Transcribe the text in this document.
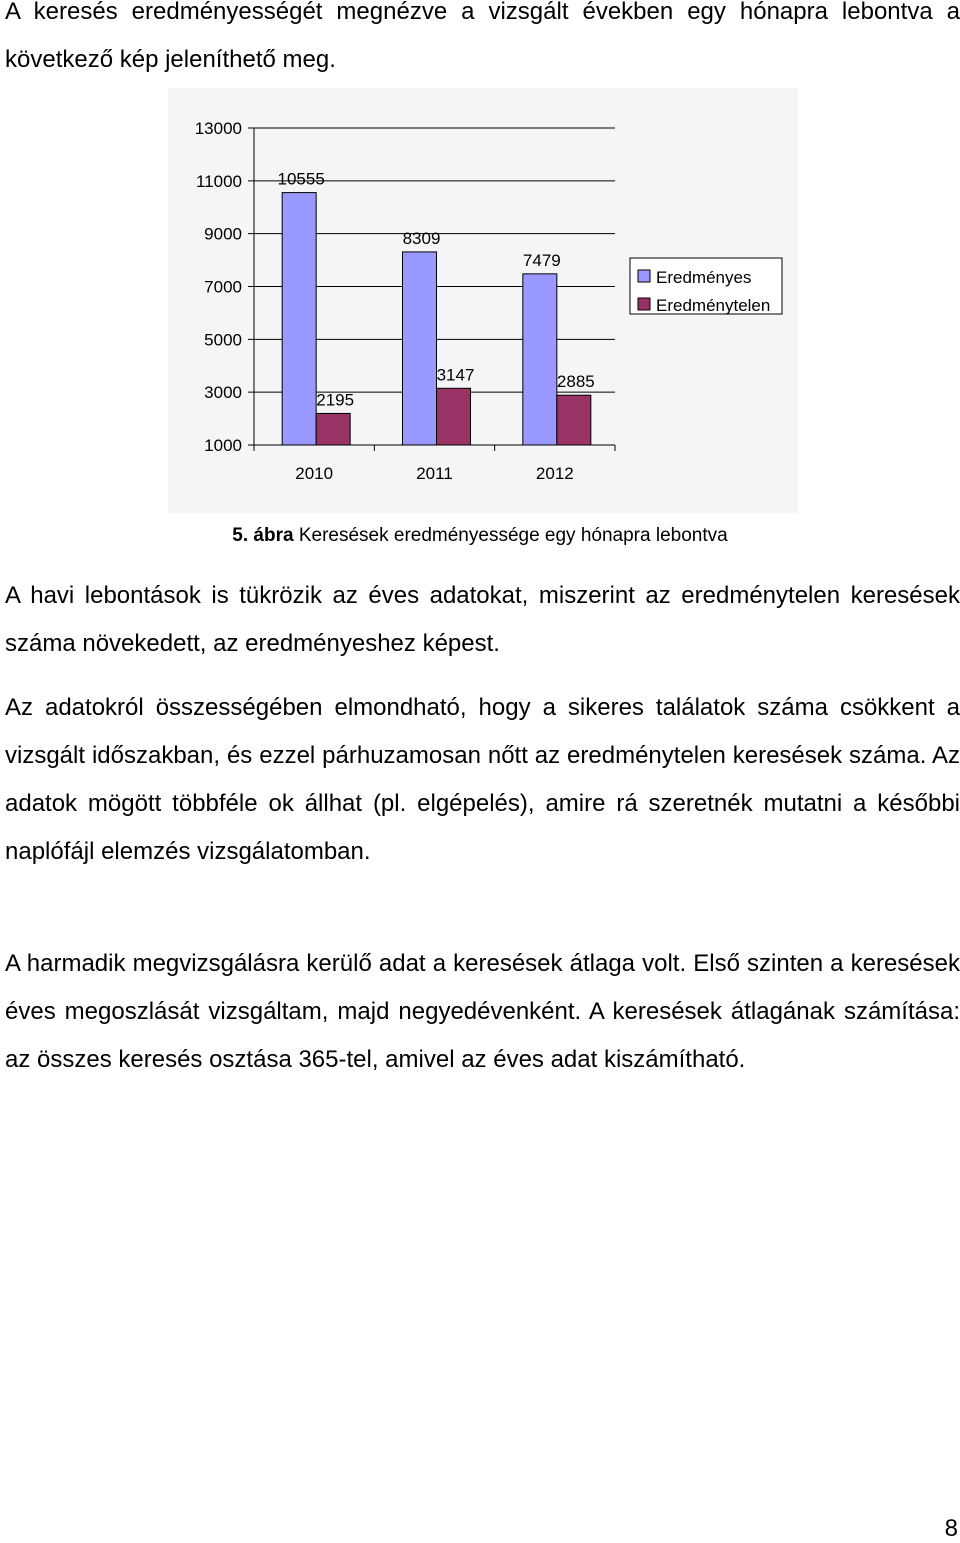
A keresés eredményességét megnézve a vizsgált években egy hónapra lebontva a következő kép jeleníthető meg.

1000
3000
5000
7000
9000
11000
13000
10555
2195
2010
8309
3147
2011
7479
2885
2012
Eredményes
Eredménytelen

5. ábra Keresések eredményessége egy hónapra lebontva

A havi lebontások is tükrözik az éves adatokat, miszerint az eredménytelen keresések száma növekedett, az eredményeshez képest.

Az adatokról összességében elmondható, hogy a sikeres találatok száma csökkent a vizsgált időszakban, és ezzel párhuzamosan nőtt az eredménytelen keresések száma. Az adatok mögött többféle ok állhat (pl. elgépelés), amire rá szeretnék mutatni a későbbi naplófájl elemzés vizsgálatomban.

A harmadik megvizsgálásra kerülő adat a keresések átlaga volt. Első szinten a keresések éves megoszlását vizsgáltam, majd negyedévenként. A keresések átlagának számítása: az összes keresés osztása 365-tel, amivel az éves adat kiszámítható.

8
